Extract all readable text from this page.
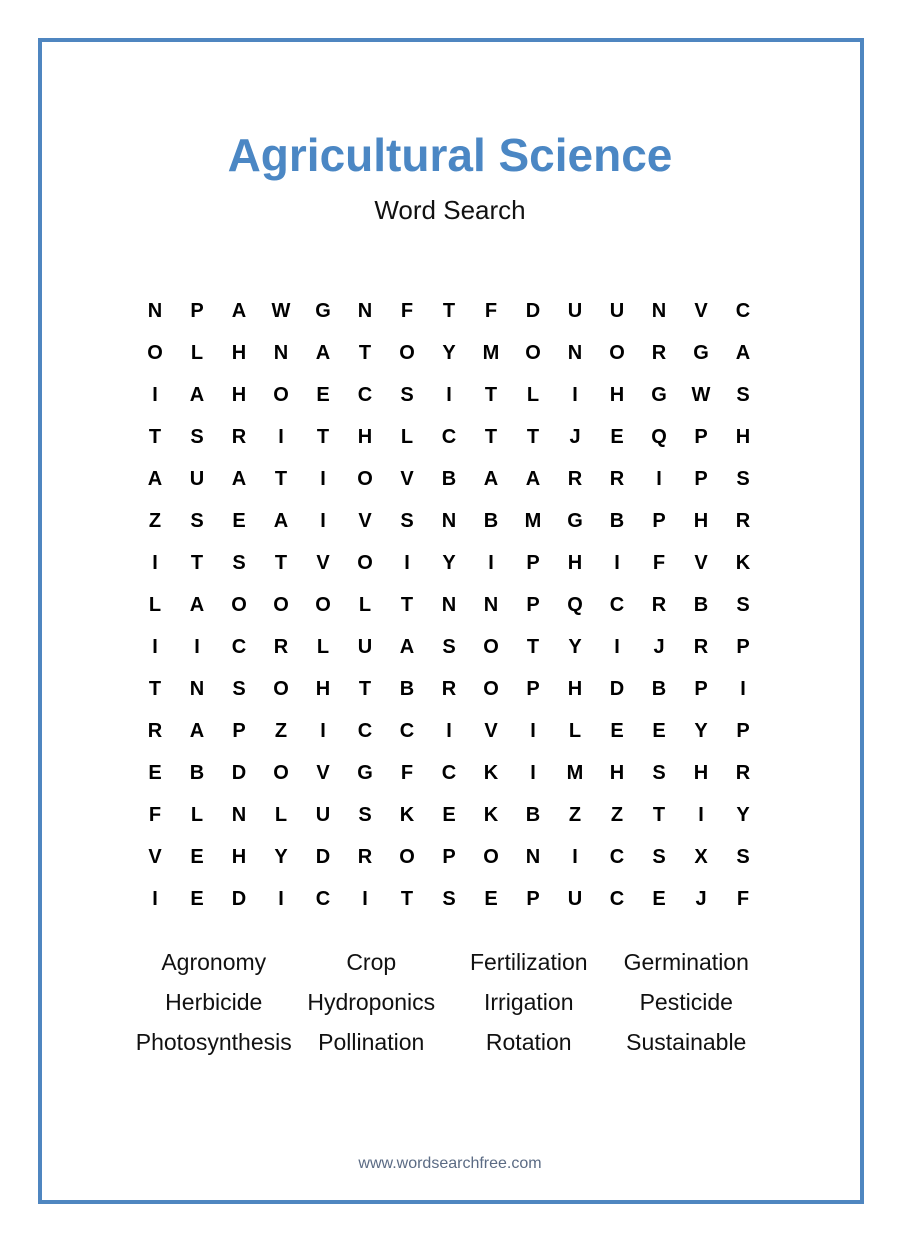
Agricultural Science
Word Search
N	P	A	W	G	N	F	T	F	D	U	U	N	V	C
O	L	H	N	A	T	O	Y	M	O	N	O	R	G	A
I	A	H	O	E	C	S	I	T	L	I	H	G	W	S
T	S	R	I	T	H	L	C	T	T	J	E	Q	P	H
A	U	A	T	I	O	V	B	A	A	R	R	I	P	S
Z	S	E	A	I	V	S	N	B	M	G	B	P	H	R
I	T	S	T	V	O	I	Y	I	P	H	I	F	V	K
L	A	O	O	O	L	T	N	N	P	Q	C	R	B	S
I	I	C	R	L	U	A	S	O	T	Y	I	J	R	P
T	N	S	O	H	T	B	R	O	P	H	D	B	P	I
R	A	P	Z	I	C	C	I	V	I	L	E	E	Y	P
E	B	D	O	V	G	F	C	K	I	M	H	S	H	R
F	L	N	L	U	S	K	E	K	B	Z	Z	T	I	Y
V	E	H	Y	D	R	O	P	O	N	I	C	S	X	S
I	E	D	I	C	I	T	S	E	P	U	C	E	J	F
Agronomy	Crop	Fertilization	Germination
Herbicide	Hydroponics	Irrigation	Pesticide
Photosynthesis	Pollination	Rotation	Sustainable
www.wordsearchfree.com
